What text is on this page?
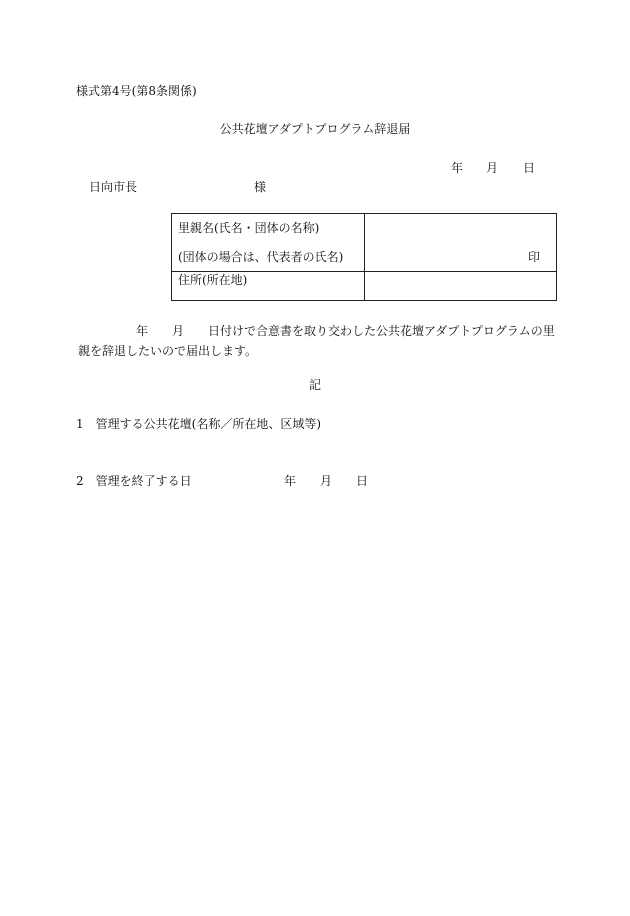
様式第4号(第8条関係)
公共花壇アダプトプログラム辞退届
年 月 日
日向市長	様
里親名(氏名・団体の名称)
(団体の場合は、代表者の氏名)	印

住所(所在地)	
年 月 日付けで合意書を取り交わした公共花壇アダプトプログラムの里親を辞退したいので届出します。
記
1　管理する公共花壇(名称／所在地、区域等)
2　管理を終了する日	年 月 日
